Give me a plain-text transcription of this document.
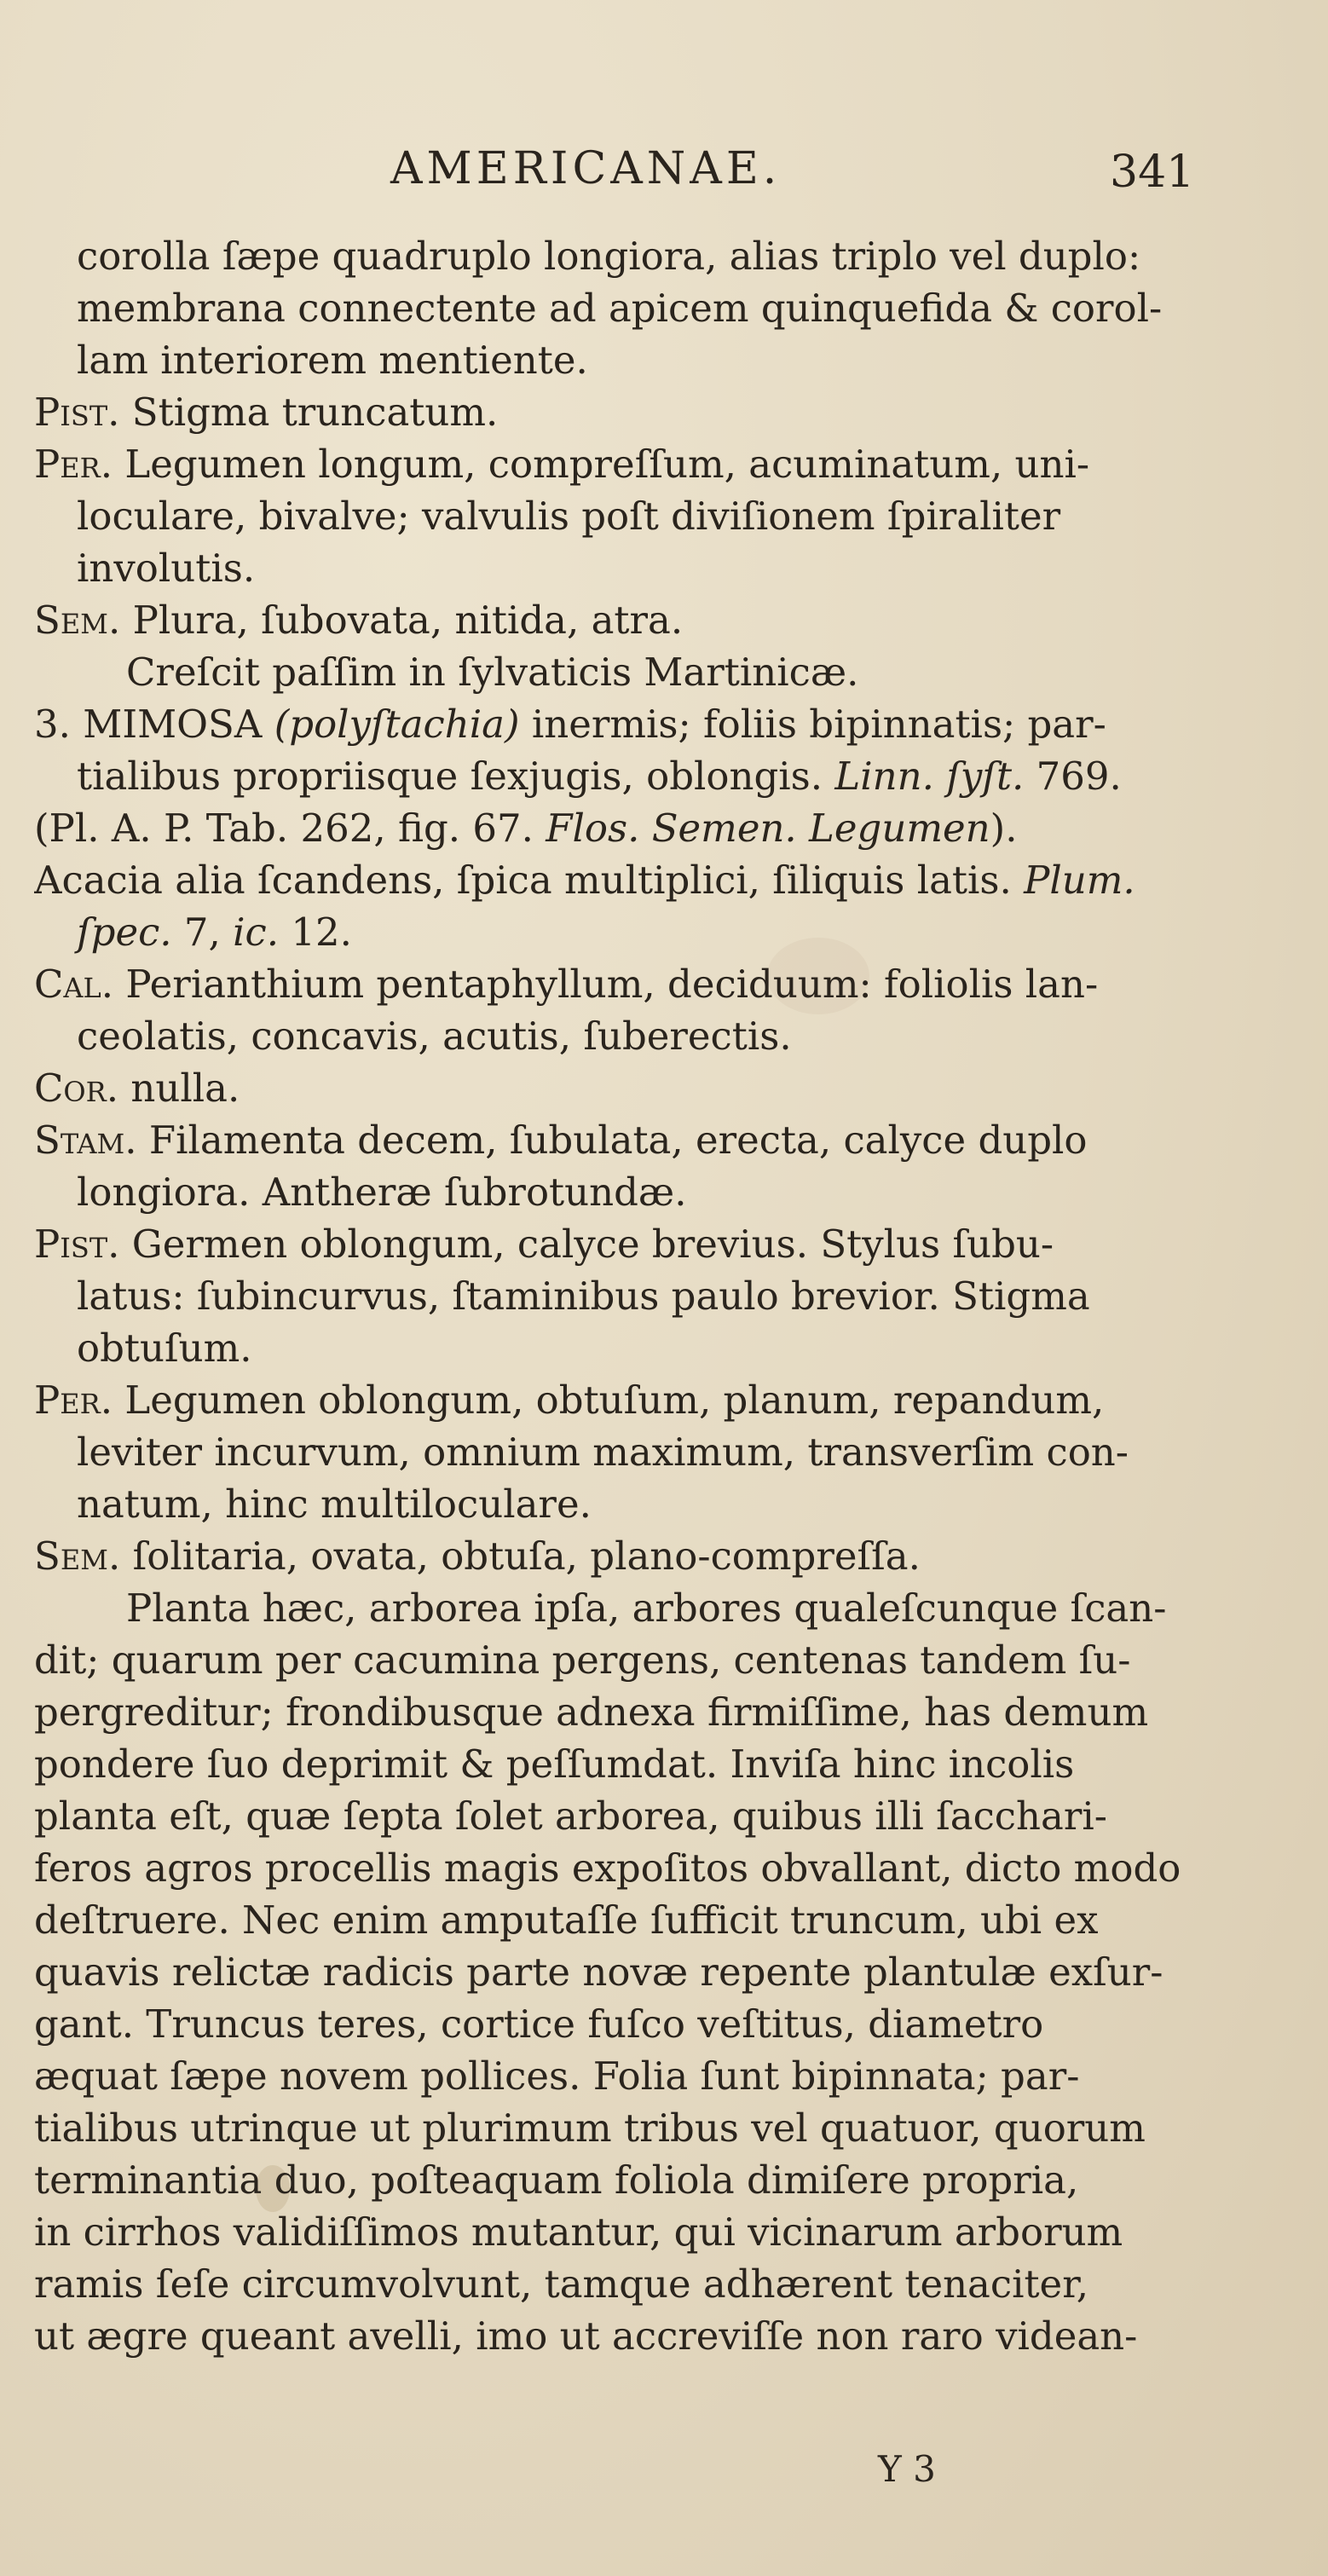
AMERICANAE.	341
corolla ſæpe quadruplo longiora, alias triplo vel duplo:
membrana connectente ad apicem quinquefida & corol-
lam interiorem mentiente.
Pist. Stigma truncatum.
Per. Legumen longum, compreſſum, acuminatum, uni-
loculare, bivalve; valvulis poſt diviſionem ſpiraliter
involutis.
Sem. Plura, ſubovata, nitida, atra.
Creſcit paſſim in ſylvaticis Martinicæ.
3. MIMOSA (polyſtachia) inermis; foliis bipinnatis; par-
tialibus propriisque ſexjugis, oblongis. Linn. ſyſt. 769.
(Pl. A. P. Tab. 262, fig. 67. Flos. Semen. Legumen).
Acacia alia ſcandens, ſpica multiplici, ſiliquis latis. Plum.
ſpec. 7, ic. 12.
Cal. Perianthium pentaphyllum, deciduum: foliolis lan-
ceolatis, concavis, acutis, ſuberectis.
Cor. nulla.
Stam. Filamenta decem, ſubulata, erecta, calyce duplo
longiora. Antheræ ſubrotundæ.
Pist. Germen oblongum, calyce brevius. Stylus ſubu-
latus: ſubincurvus, ſtaminibus paulo brevior. Stigma
obtuſum.
Per. Legumen oblongum, obtuſum, planum, repandum,
leviter incurvum, omnium maximum, transverſim con-
natum, hinc multiloculare.
Sem. ſolitaria, ovata, obtuſa, plano-compreſſa.
Planta hæc, arborea ipſa, arbores qualeſcunque ſcan-
dit; quarum per cacumina pergens, centenas tandem ſu-
pergreditur; frondibusque adnexa firmiſſime, has demum
pondere ſuo deprimit & peſſumdat. Inviſa hinc incolis
planta eſt, quæ ſepta ſolet arborea, quibus illi ſacchari-
feros agros procellis magis expoſitos obvallant, dicto modo
deſtruere. Nec enim amputaſſe ſufficit truncum, ubi ex
quavis relictæ radicis parte novæ repente plantulæ exſur-
gant. Truncus teres, cortice fuſco veſtitus, diametro
æquat ſæpe novem pollices. Folia ſunt bipinnata; par-
tialibus utrinque ut plurimum tribus vel quatuor, quorum
terminantia duo, poſteaquam foliola dimiſere propria,
in cirrhos validiſſimos mutantur, qui vicinarum arborum
ramis ſeſe circumvolvunt, tamque adhærent tenaciter,
ut ægre queant avelli, imo ut accreviſſe non raro videan-
Y 3
